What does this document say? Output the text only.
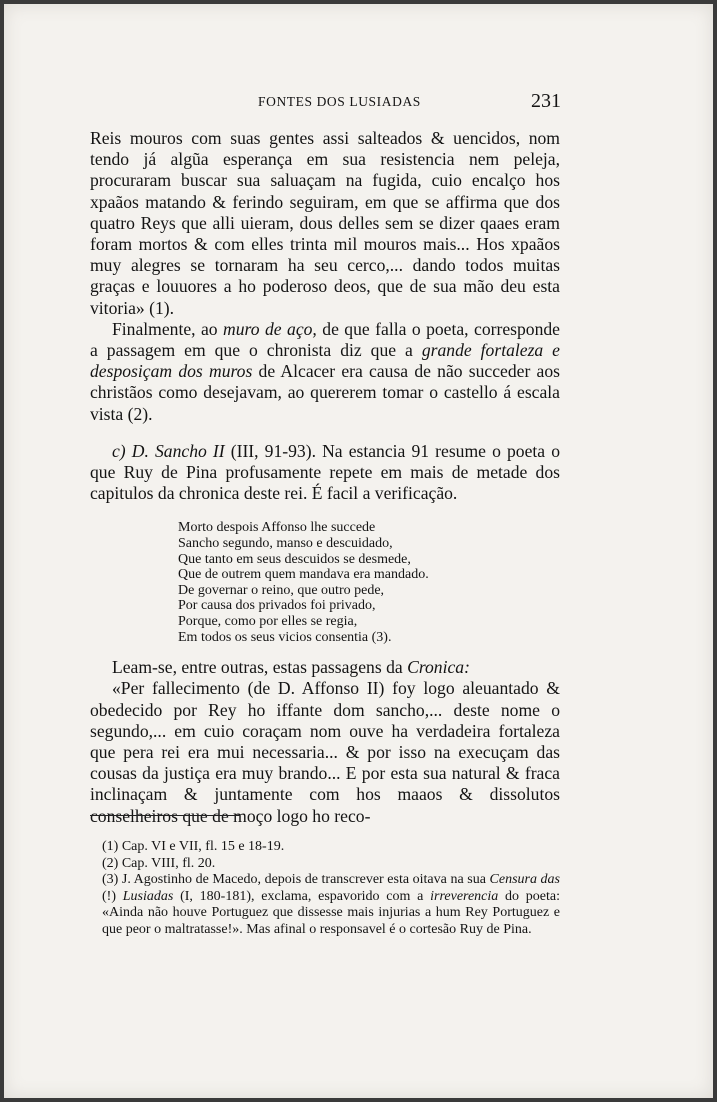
FONTES DOS LUSIADAS	231

Reis mouros com suas gentes assi salteados & uencidos, nom tendo já algũa esperança em sua resistencia nem peleja, procuraram buscar sua saluaçam na fugida, cuio encalço hos xpaãos matando & ferindo seguiram, em que se affirma que dos quatro Reys que alli uieram, dous delles sem se dizer qaaes eram foram mortos & com elles trinta mil mouros mais... Hos xpaãos muy alegres se tornaram ha seu cerco,... dando todos muitas graças e louuores a ho poderoso deos, que de sua mão deu esta vitoria» (1).

Finalmente, ao muro de aço, de que falla o poeta, corresponde a passagem em que o chronista diz que a grande fortaleza e desposiçam dos muros de Alcacer era causa de não succeder aos christãos como desejavam, ao quererem tomar o castello á escala vista (2).

c) D. Sancho II (III, 91-93). Na estancia 91 resume o poeta o que Ruy de Pina profusamente repete em mais de metade dos capitulos da chronica deste rei. É facil a verificação.

Morto despois Affonso lhe succede
Sancho segundo, manso e descuidado,
Que tanto em seus descuidos se desmede,
Que de outrem quem mandava era mandado.
De governar o reino, que outro pede,
Por causa dos privados foi privado,
Porque, como por elles se regia,
Em todos os seus vicios consentia (3).

Leam-se, entre outras, estas passagens da Cronica:

«Per fallecimento (de D. Affonso II) foy logo aleuantado & obedecido por Rey ho iffante dom sancho,... deste nome o segundo,... em cuio coraçam nom ouve ha verdadeira fortaleza que pera rei era mui necessaria... & por isso na execuçam das cousas da justiça era muy brando... E por esta sua natural & fraca inclinaçam & juntamente com hos maaos & dissolutos conselheiros que de moço logo ho reco-

(1) Cap. VI e VII, fl. 15 e 18-19.

(2) Cap. VIII, fl. 20.

(3) J. Agostinho de Macedo, depois de transcrever esta oitava na sua Censura das (!) Lusiadas (I, 180-181), exclama, espavorido com a irreverencia do poeta: «Ainda não houve Portuguez que dissesse mais injurias a hum Rey Portuguez e que peor o maltratasse!». Mas afinal o responsavel é o cortesão Ruy de Pina.
